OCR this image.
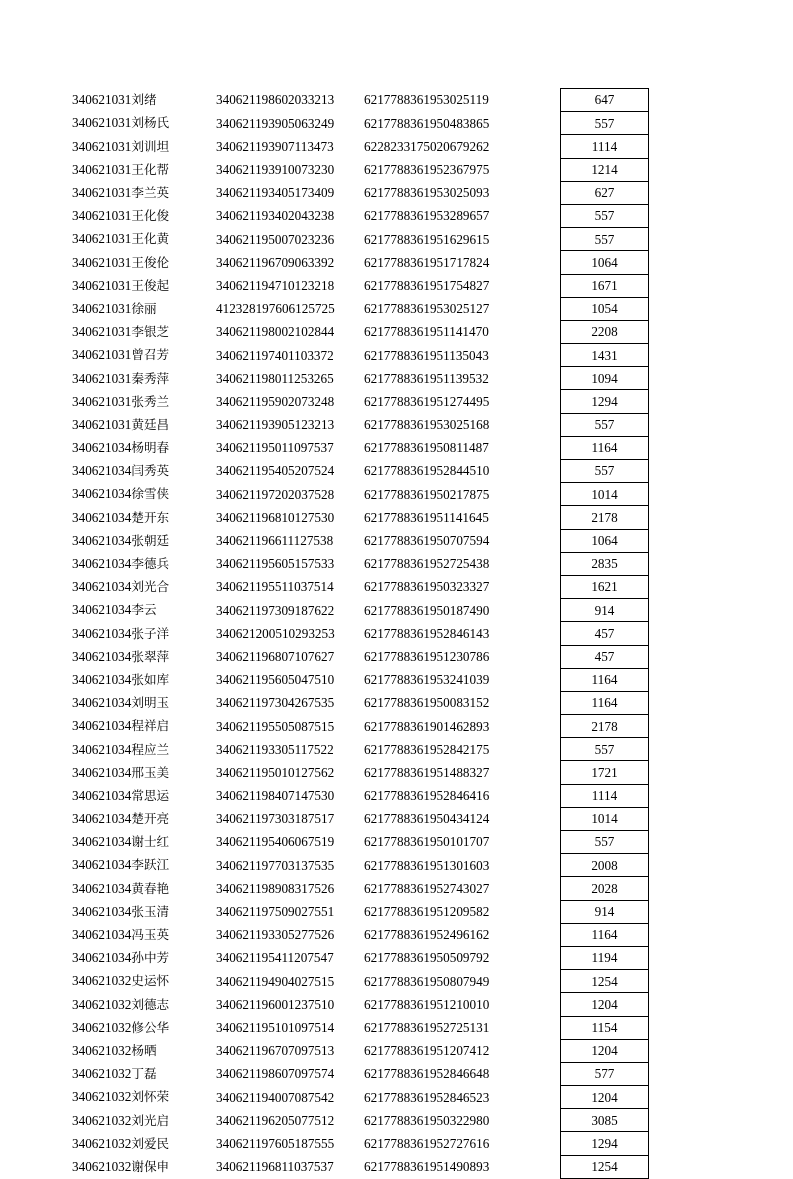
340621031刘绪	340621198602033213	6217788361953025119		647

340621031刘杨氏	340621193905063249	6217788361950483865		557

340621031刘训坦	340621193907113473	6228233175020679262		1114

340621031王化帮	340621193910073230	6217788361952367975		1214

340621031李兰英	340621193405173409	6217788361953025093		627

340621031王化俊	340621193402043238	6217788361953289657		557

340621031王化黄	340621195007023236	6217788361951629615		557

340621031王俊伦	340621196709063392	6217788361951717824		1064

340621031王俊起	340621194710123218	6217788361951754827		1671

340621031徐丽	412328197606125725	6217788361953025127		1054

340621031李银芝	340621198002102844	6217788361951141470		2208

340621031曾召芳	340621197401103372	6217788361951135043		1431

340621031秦秀萍	340621198011253265	6217788361951139532		1094

340621031张秀兰	340621195902073248	6217788361951274495		1294

340621031黄廷昌	340621193905123213	6217788361953025168		557

340621034杨明春	340621195011097537	6217788361950811487		1164

340621034闫秀英	340621195405207524	6217788361952844510		557

340621034徐雪侠	340621197202037528	6217788361950217875		1014

340621034楚开东	340621196810127530	6217788361951141645		2178

340621034张朝廷	340621196611127538	6217788361950707594		1064

340621034李德兵	340621195605157533	6217788361952725438		2835

340621034刘光合	340621195511037514	6217788361950323327		1621

340621034李云	340621197309187622	6217788361950187490		914

340621034张子洋	340621200510293253	6217788361952846143		457

340621034张翠萍	340621196807107627	6217788361951230786		457

340621034张如库	340621195605047510	6217788361953241039		1164

340621034刘明玉	340621197304267535	6217788361950083152		1164

340621034程祥启	340621195505087515	6217788361901462893		2178

340621034程应兰	340621193305117522	6217788361952842175		557

340621034邢玉美	340621195010127562	6217788361951488327		1721

340621034常思运	340621198407147530	6217788361952846416		1114

340621034楚开亮	340621197303187517	6217788361950434124		1014

340621034谢士红	340621195406067519	6217788361950101707		557

340621034李跃江	340621197703137535	6217788361951301603		2008

340621034黄春艳	340621198908317526	6217788361952743027		2028

340621034张玉清	340621197509027551	6217788361951209582		914

340621034冯玉英	340621193305277526	6217788361952496162		1164

340621034孙中芳	340621195411207547	6217788361950509792		1194

340621032史运怀	340621194904027515	6217788361950807949		1254

340621032刘德志	340621196001237510	6217788361951210010		1204

340621032修公华	340621195101097514	6217788361952725131		1154

340621032杨晒	340621196707097513	6217788361951207412		1204

340621032丁磊	340621198607097574	6217788361952846648		577

340621032刘怀荣	340621194007087542	6217788361952846523		1204

340621032刘光启	340621196205077512	6217788361950322980		3085

340621032刘爱民	340621197605187555	6217788361952727616		1294

340621032谢保申	340621196811037537	6217788361951490893		1254
